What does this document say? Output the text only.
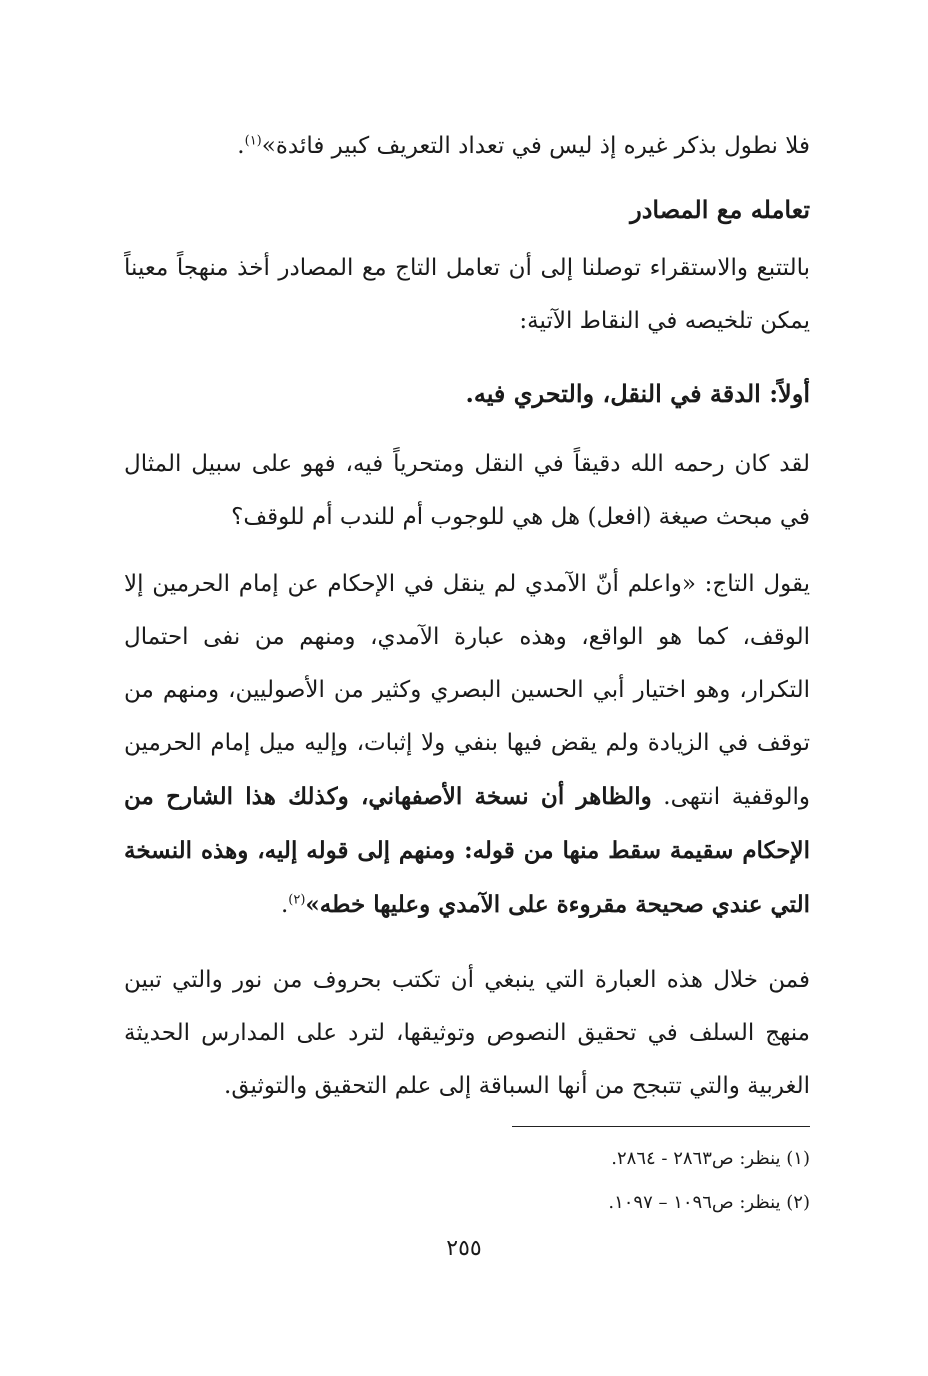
فلا نطول بذكر غيره إذ ليس في تعداد التعريف كبير فائدة»$^{(١)}$.

تعامله مع المصادر

بالتتبع والاستقراء توصلنا إلى أن تعامل التاج مع المصادر أخذ منهجاً معيناً يمكن تلخيصه في النقاط الآتية:

أولاً: الدقة في النقل، والتحري فيه.

لقد كان رحمه الله دقيقاً في النقل ومتحرياً فيه، فهو على سبيل المثال في مبحث صيغة (افعل) هل هي للوجوب أم للندب أم للوقف؟

يقول التاج: «واعلم أنّ الآمدي لم ينقل في الإحكام عن إمام الحرمين إلا الوقف، كما هو الواقع، وهذه عبارة الآمدي، ومنهم من نفى احتمال التكرار، وهو اختيار أبي الحسين البصري وكثير من الأصوليين، ومنهم من توقف في الزيادة ولم يقض فيها بنفي ولا إثبات، وإليه ميل إمام الحرمين والوقفية انتهى. والظاهر أن نسخة الأصفهاني، وكذلك هذا الشارح من الإحكام سقيمة سقط منها من قوله: ومنهم إلى قوله إليه، وهذه النسخة التي عندي صحيحة مقروءة على الآمدي وعليها خطه»$^{(٢)}$.

فمن خلال هذه العبارة التي ينبغي أن تكتب بحروف من نور والتي تبين منهج السلف في تحقيق النصوص وتوثيقها، لترد على المدارس الحديثة الغربية والتي تتبجح من أنها السباقة إلى علم التحقيق والتوثيق.

(١) ينظر: ص٢٨٦٣ - ٢٨٦٤.

(٢) ينظر: ص١٠٩٦ – ١٠٩٧.

٢٥٥
